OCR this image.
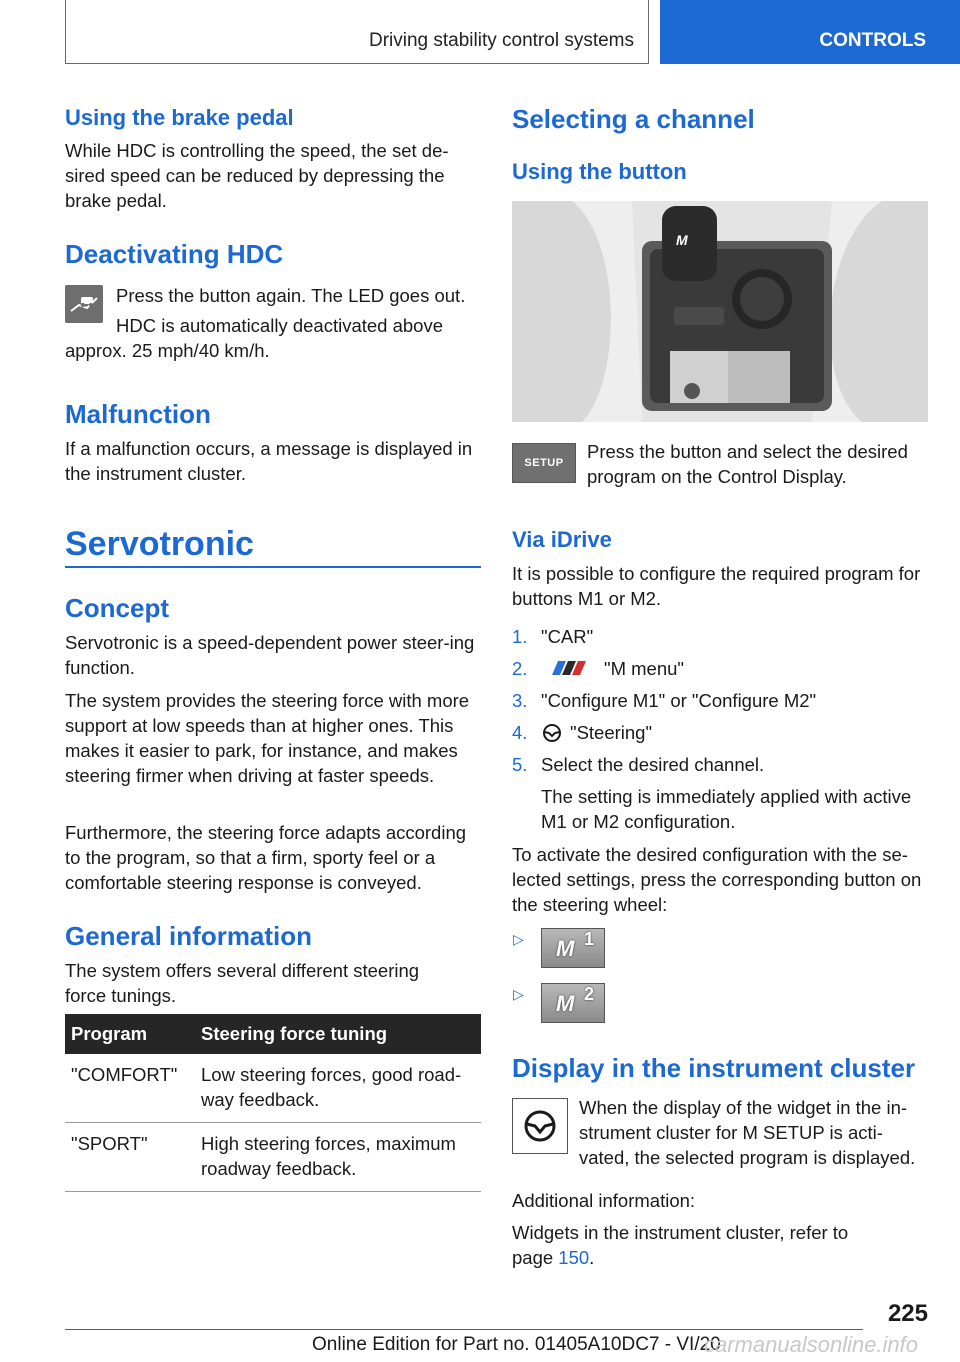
Driving stability control systems	CONTROLS
Using the brake pedal

While HDC is controlling the speed, the set de-sired speed can be reduced by depressing the brake pedal.

Deactivating HDC
Press the button again. The LED goes out.

HDC is automatically deactivated above approx. 25 mph/40 km/h.

Malfunction

If a malfunction occurs, a message is displayed in the instrument cluster.

Servotronic
Concept

Servotronic is a speed-dependent power steer-ing function.

The system provides the steering force with more support at low speeds than at higher ones. This makes it easier to park, for instance, and makes steering firmer when driving at faster speeds.

Furthermore, the steering force adapts according to the program, so that a firm, sporty feel or a comfortable steering response is conveyed.

General information

The system offers several different steering force tunings.

Program	Steering force tuning
"COMFORT"	Low steering forces, good road-way feedback.
"SPORT"	High steering forces, maximum roadway feedback.
Selecting a channel
Using the button
M
SETUP

Press the button and select the desired program on the Control Display.

Via iDrive

It is possible to configure the required program for buttons M1 or M2.

1. "CAR"
2.	"M menu"
3. "Configure M1" or "Configure M2"
4. "Steering"
5. Select the desired channel.

The setting is immediately applied with active M1 or M2 configuration.

To activate the desired configuration with the se-lected settings, press the corresponding button on the steering wheel:

▷ M 1
▷ M 2
Display in the instrument cluster

When the display of the widget in the in-strument cluster for M SETUP is acti-vated, the selected program is displayed.

Additional information:

Widgets in the instrument cluster, refer to

page 150.

225
Online Edition for Part no. 01405A10DC7 - VI/20
carmanualsonline.info
